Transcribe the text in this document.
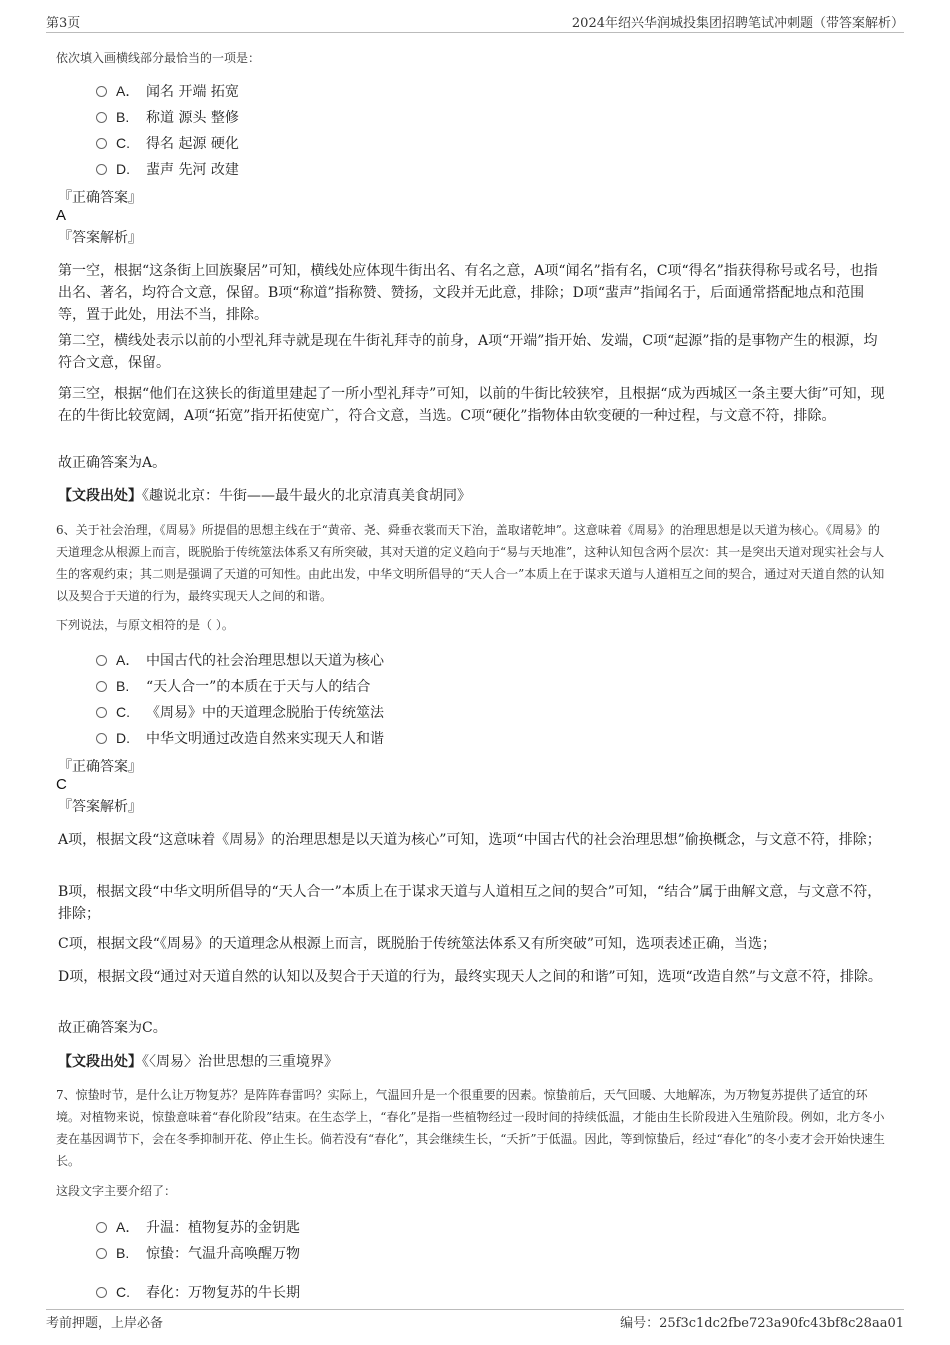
第3页	2024年绍兴华润城投集团招聘笔试冲刺题（带答案解析）

依次填入画横线部分最恰当的一项是：

A． 闻名 开端 拓宽
B. 称道 源头 整修
C. 得名 起源 硬化
D. 蜚声 先河 改建

『正确答案』

A

『答案解析』

第一空，根据“这条街上回族聚居”可知，横线处应体现牛街出名、有名之意，A项“闻名”指有名，C项“得名”指获得称号或名号，也指出名、著名，均符合文意，保留。B项“称道”指称赞、赞扬，文段并无此意，排除；D项“蜚声”指闻名于，后面通常搭配地点和范围等，置于此处，用法不当，排除。

第二空，横线处表示以前的小型礼拜寺就是现在牛街礼拜寺的前身，A项“开端”指开始、发端，C项“起源”指的是事物产生的根源，均符合文意，保留。

第三空，根据“他们在这狭长的街道里建起了一所小型礼拜寺”可知，以前的牛街比较狭窄，且根据“成为西城区一条主要大街”可知，现在的牛街比较宽阔，A项“拓宽”指开拓使宽广，符合文意，当选。C项“硬化”指物体由软变硬的一种过程，与文意不符，排除。

故正确答案为A。

【文段出处】《趣说北京：牛街——最牛最火的北京清真美食胡同》

6、关于社会治理，《周易》所提倡的思想主线在于“黄帝、尧、舜垂衣裳而天下治，盖取诸乾坤”。这意味着《周易》的治理思想是以天道为核心。《周易》的天道理念从根源上而言，既脱胎于传统筮法体系又有所突破，其对天道的定义趋向于“易与天地准”，这种认知包含两个层次：其一是突出天道对现实社会与人生的客观约束；其二则是强调了天道的可知性。由此出发，中华文明所倡导的“天人合一”本质上在于谋求天道与人道相互之间的契合，通过对天道自然的认知以及契合于天道的行为，最终实现天人之间的和谐。

下列说法，与原文相符的是（ ）。

A． 中国古代的社会治理思想以天道为核心
B. “天人合一”的本质在于天与人的结合
C. 《周易》中的天道理念脱胎于传统筮法
D. 中华文明通过改造自然来实现天人和谐

『正确答案』

C

『答案解析』

A项，根据文段“这意味着《周易》的治理思想是以天道为核心”可知，选项“中国古代的社会治理思想”偷换概念，与文意不符，排除；

B项，根据文段“中华文明所倡导的“天人合一”本质上在于谋求天道与人道相互之间的契合”可知，“结合”属于曲解文意，与文意不符，排除；

C项，根据文段“《周易》的天道理念从根源上而言，既脱胎于传统筮法体系又有所突破”可知，选项表述正确，当选；

D项，根据文段“通过对天道自然的认知以及契合于天道的行为，最终实现天人之间的和谐”可知，选项“改造自然”与文意不符，排除。

故正确答案为C。

【文段出处】《〈周易〉治世思想的三重境界》

7、惊蛰时节，是什么让万物复苏？是阵阵春雷吗？实际上，气温回升是一个很重要的因素。惊蛰前后，天气回暖、大地解冻，为万物复苏提供了适宜的环境。对植物来说，惊蛰意味着“春化阶段”结束。在生态学上，“春化”是指一些植物经过一段时间的持续低温，才能由生长阶段进入生殖阶段。例如，北方冬小麦在基因调节下，会在冬季抑制开花、停止生长。倘若没有“春化”，其会继续生长，“夭折”于低温。因此，等到惊蛰后，经过“春化”的冬小麦才会开始快速生长。

这段文字主要介绍了：

A． 升温：植物复苏的金钥匙
B. 惊蛰：气温升高唤醒万物
C. 春化：万物复苏的牛长期
考前押题，上岸必备	编号：25f3c1dc2fbe723a90fc43bf8c28aa01
